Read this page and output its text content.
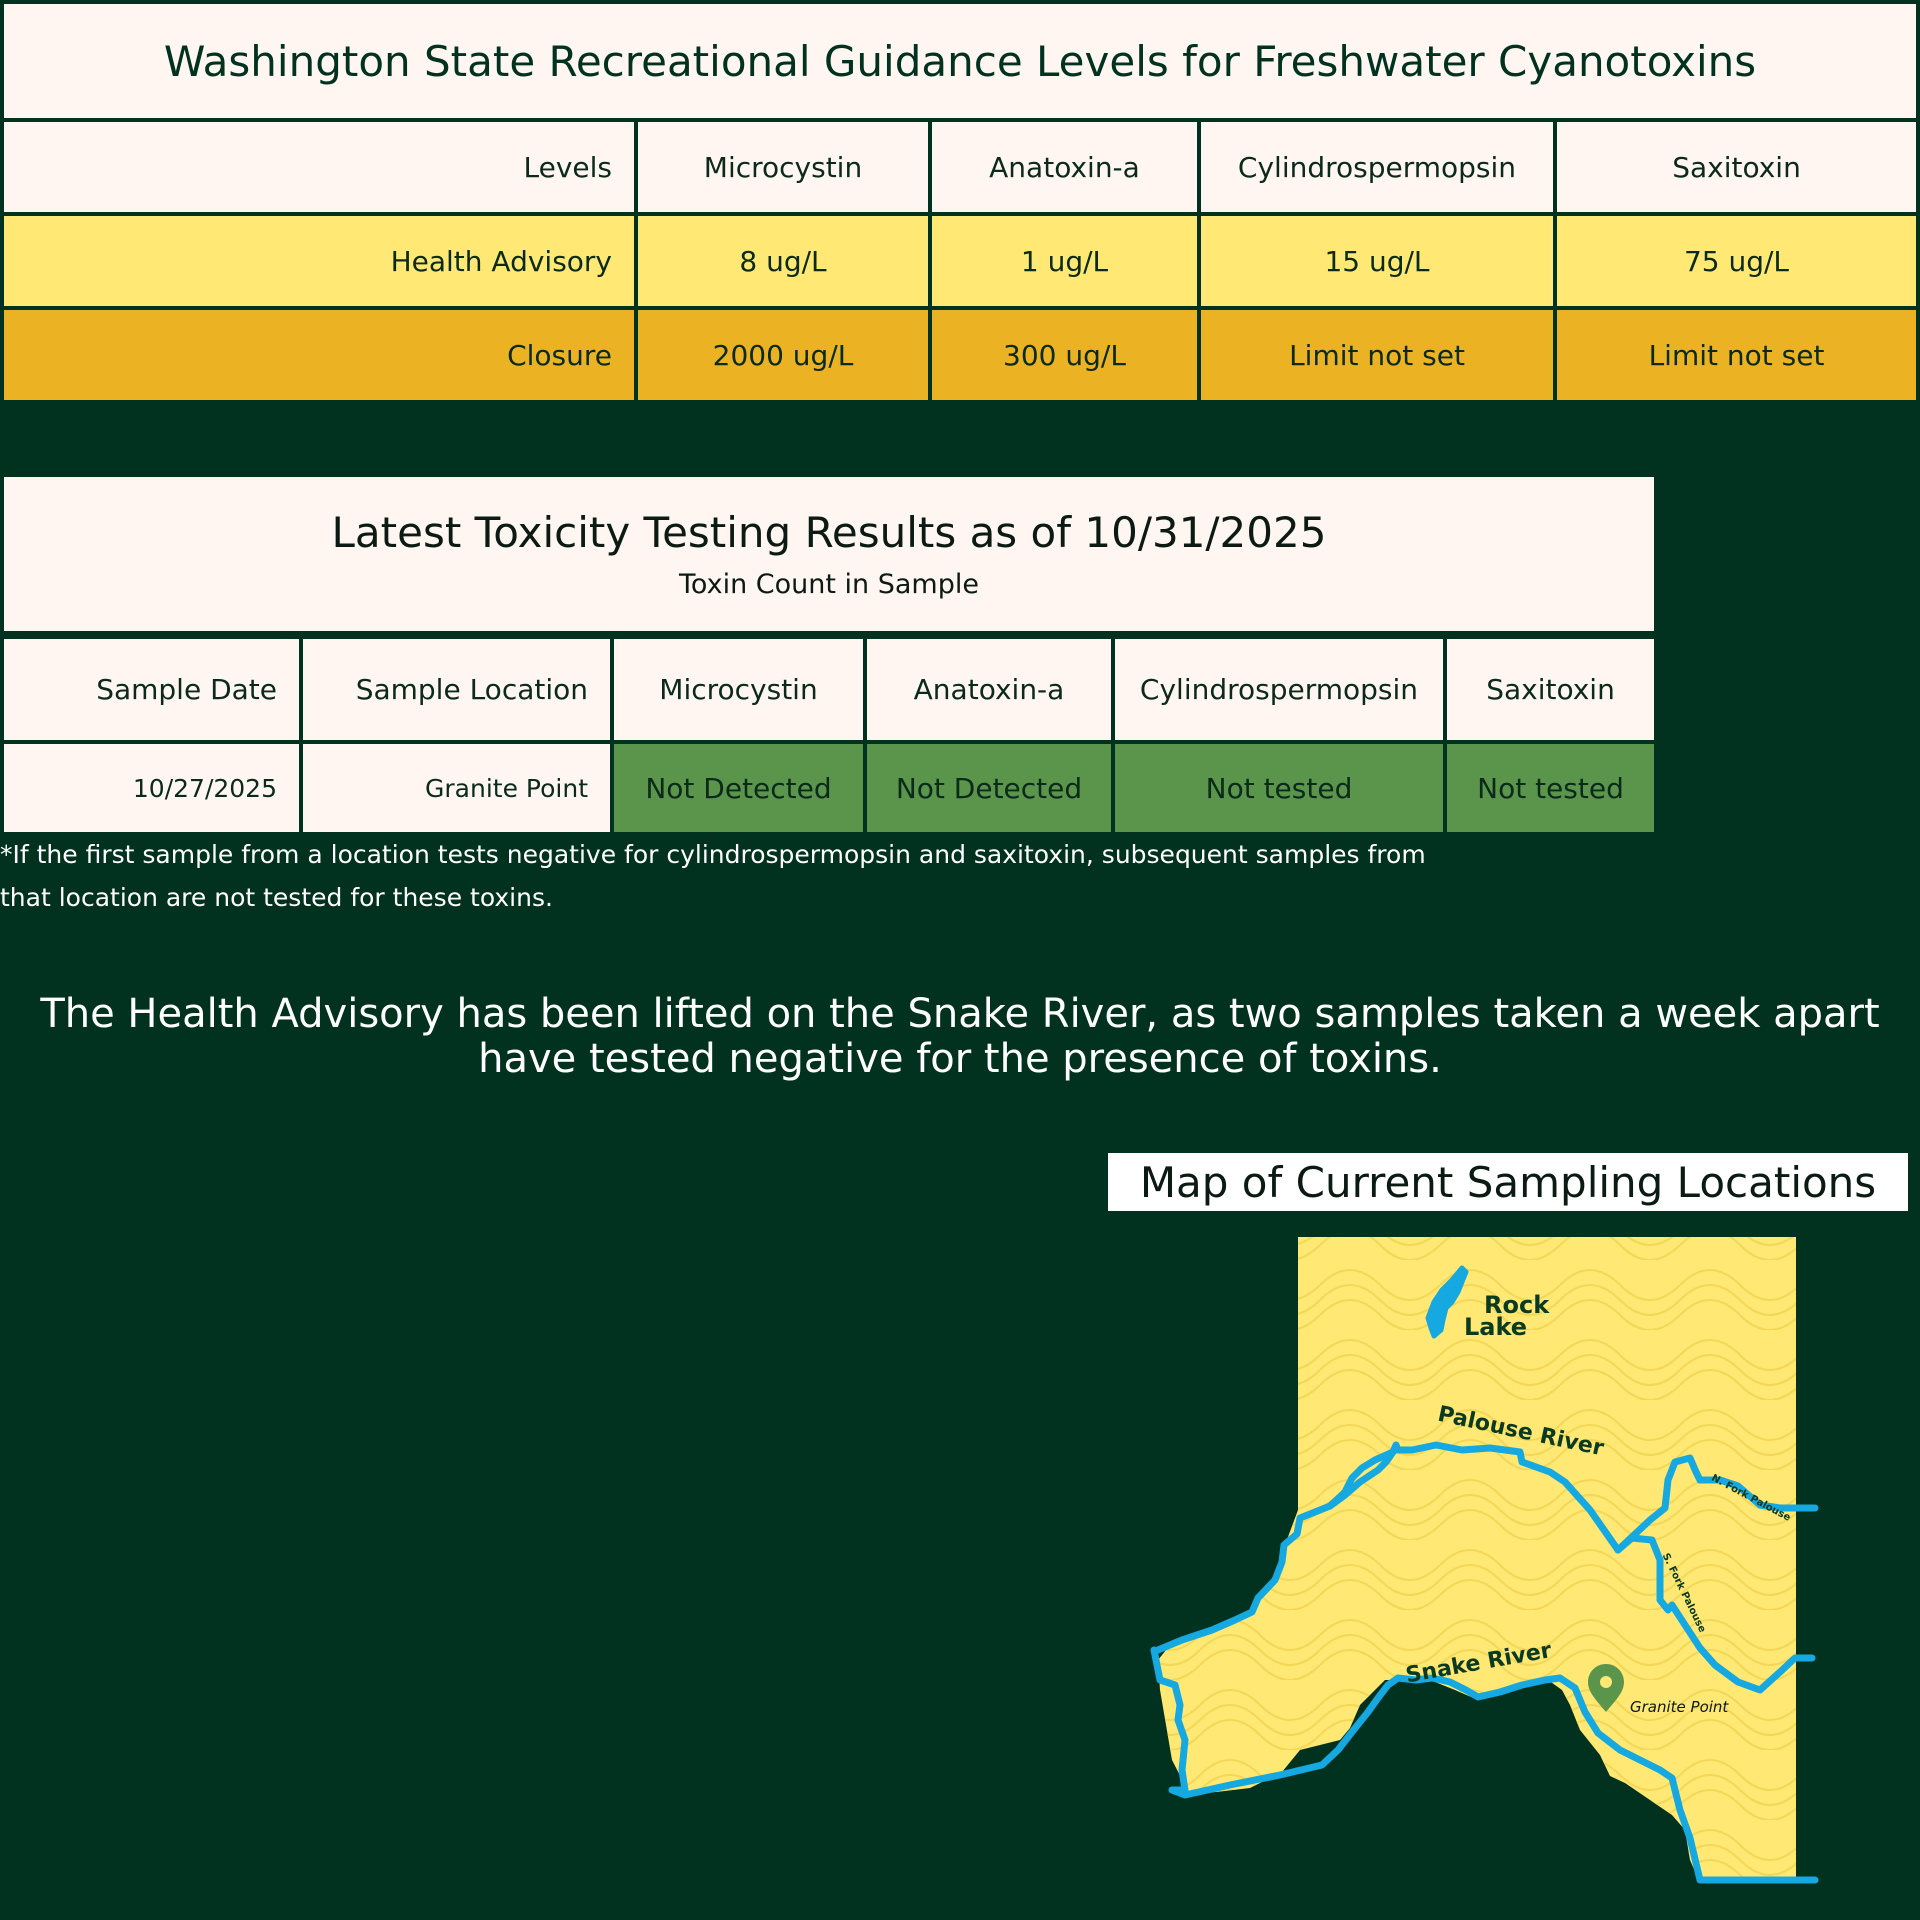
Washington State Recreational Guidance Levels for Freshwater Cyanotoxins
Levels	Microcystin	Anatoxin-a	Cylindrospermopsin	Saxitoxin
Health Advisory	8 ug/L	1 ug/L	15 ug/L	75 ug/L
Closure	2000 ug/L	300 ug/L	Limit not set	Limit not set
Latest Toxicity Testing Results as of 10/31/2025
Toxin Count in Sample
Sample Date	Sample Location	Microcystin	Anatoxin-a	Cylindrospermopsin	Saxitoxin
10/27/2025	Granite Point	Not Detected	Not Detected	Not tested	Not tested
*If the first sample from a location tests negative for cylindrospermopsin and saxitoxin, subsequent samples from
that location are not tested for these toxins.
The Health Advisory has been lifted on the Snake River, as two samples taken a week apart
have tested negative for the presence of toxins.
Map of Current Sampling Locations
Rock
Lake
Palouse River
Snake River
N. Fork Palouse
S. Fork Palouse
Granite Point
